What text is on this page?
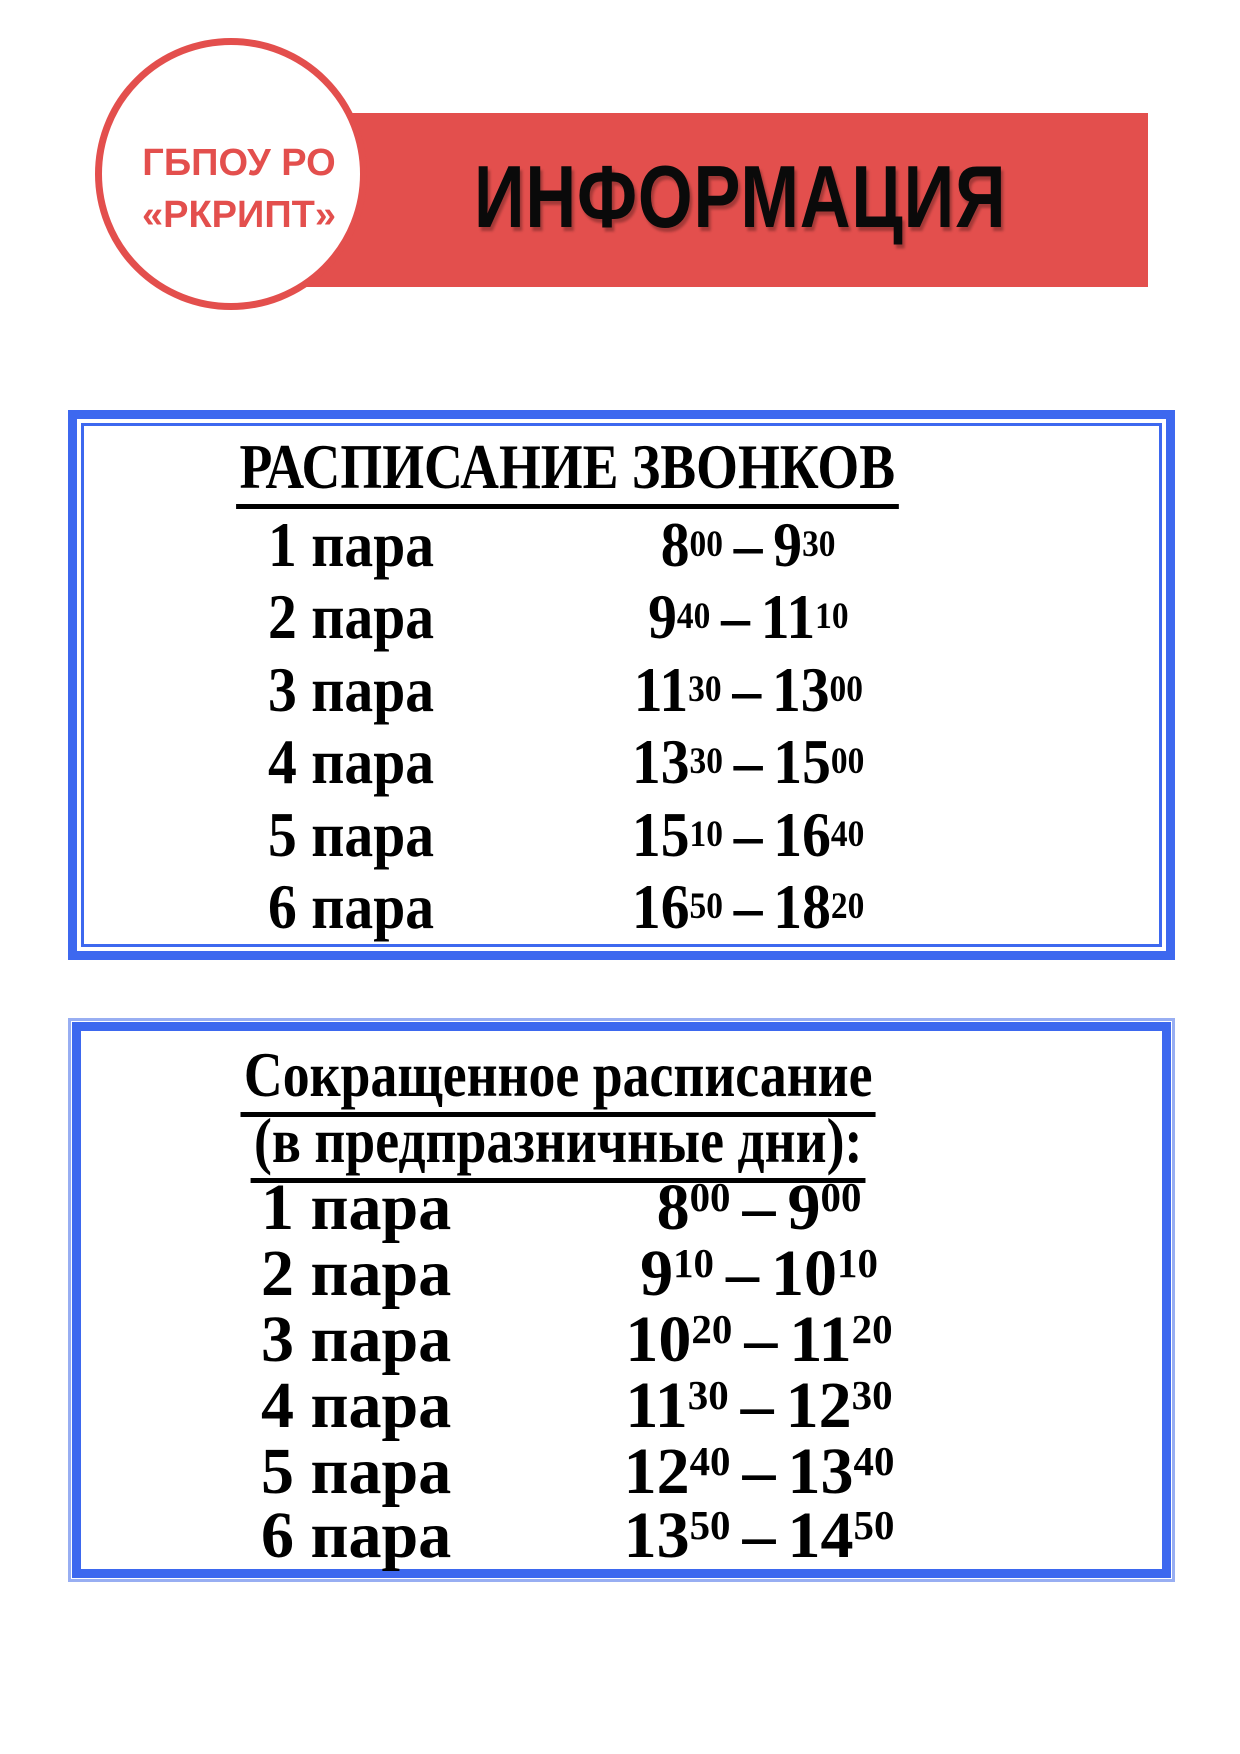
ИНФОРМАЦИЯ
ГБПОУ РО
«РКРИПТ»
РАСПИСАНИЕ ЗВОНКОВ
1 пара	$8^{00} - 9^{30}$
2 пара	$9^{40} - 11^{10}$
3 пара	$11^{30} - 13^{00}$
4 пара	$13^{30} - 15^{00}$
5 пара	$15^{10} - 16^{40}$
6 пара	$16^{50} - 18^{20}$
Сокращенное расписание
(в предпразничные дни):
1 пара	$8^{00} - 9^{00}$
2 пара	$9^{10} - 10^{10}$
3 пара	$10^{20} - 11^{20}$
4 пара	$11^{30} - 12^{30}$
5 пара	$12^{40} - 13^{40}$
6 пара	$13^{50} - 14^{50}$
